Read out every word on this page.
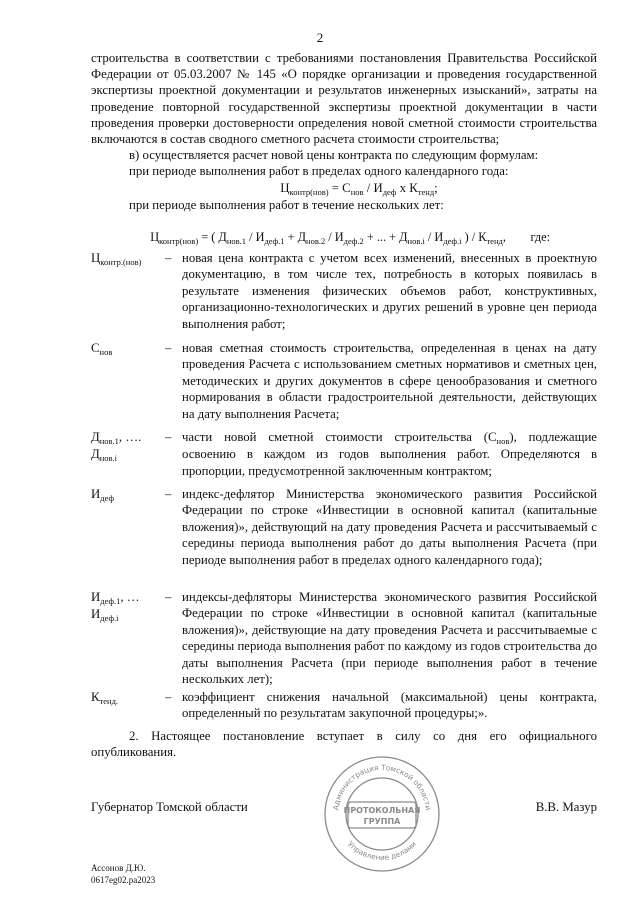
2

строительства в соответствии с требованиями постановления Правительства Российской Федерации от 05.03.2007 № 145 «О порядке организации и проведения государственной экспертизы проектной документации и результатов инженерных изысканий», затраты на проведение повторной государственной экспертизы проектной документации в части проведения проверки достоверности определения новой сметной стоимости строительства включаются в состав сводного сметного расчета стоимости строительства;

в) осуществляется расчет новой цены контракта по следующим формулам:

при периоде выполнения работ в пределах одного календарного года:

$Ц_{контр(нов)} = С_{нов} / И_{деф}$ х $К_{тенд}$;

при периоде выполнения работ в течение нескольких лет:

$Ц_{контр(нов)}$ = ( $Д_{нов.1} / И_{деф.1} + Д_{нов.2} / И_{деф.2}$ + ... + $Д_{нов.i} / И_{деф.i}$ ) / $К_{тенд}$,        где:

$Ц_{контр.(нов)}$	– новая цена контракта с учетом всех изменений, внесенных в проектную документацию, в том числе тех, потребность в которых появилась в результате изменения физических объемов работ, конструктивных, организационно-технологических и других решений в уровне цен периода выполнения работ;
$С_{нов}$	– новая сметная стоимость строительства, определенная в ценах на дату проведения Расчета с использованием сметных нормативов и сметных цен, методических и других документов в сфере ценообразования и сметного нормирования в области градостроительной деятельности, действующих на дату выполнения Расчета;
$Д_{нов.1}$, ….
$Д_{нов.i}$
– части новой сметной стоимости строительства $(С_{нов})$, подлежащие освоению в каждом из годов выполнения работ. Определяются в пропорции, предусмотренной заключенным контрактом;
$И_{деф}$	– индекс-дефлятор Министерства экономического развития Российской Федерации по строке «Инвестиции в основной капитал (капитальные вложения)», действующий на дату проведения Расчета и рассчитываемый с середины периода выполнения работ до даты выполнения Расчета (при периоде выполнения работ в пределах одного календарного года);
$И_{деф.1}$, …
$И_{деф.i}$
– индексы-дефляторы Министерства экономического развития Российской Федерации по строке «Инвестиции в основной капитал (капитальные вложения)», действующие на дату проведения Расчета и рассчитываемые с середины периода выполнения работ по каждому из годов строительства до даты выполнения Расчета (при периоде выполнения работ в течение нескольких лет);
$К_{тенд.}$	– коэффициент снижения начальной (максимальной) цены контракта, определенный по результатам закупочной процедуры;».
2. Настоящее постановление вступает в силу со дня его официального опубликования.
Губернатор Томской области	В.В. Мазур
Администрация Томской области
Управление делами
ПРОТОКОЛЬНАЯ
ГРУППА
Ассонов Д.Ю.
0617eg02.ра2023
